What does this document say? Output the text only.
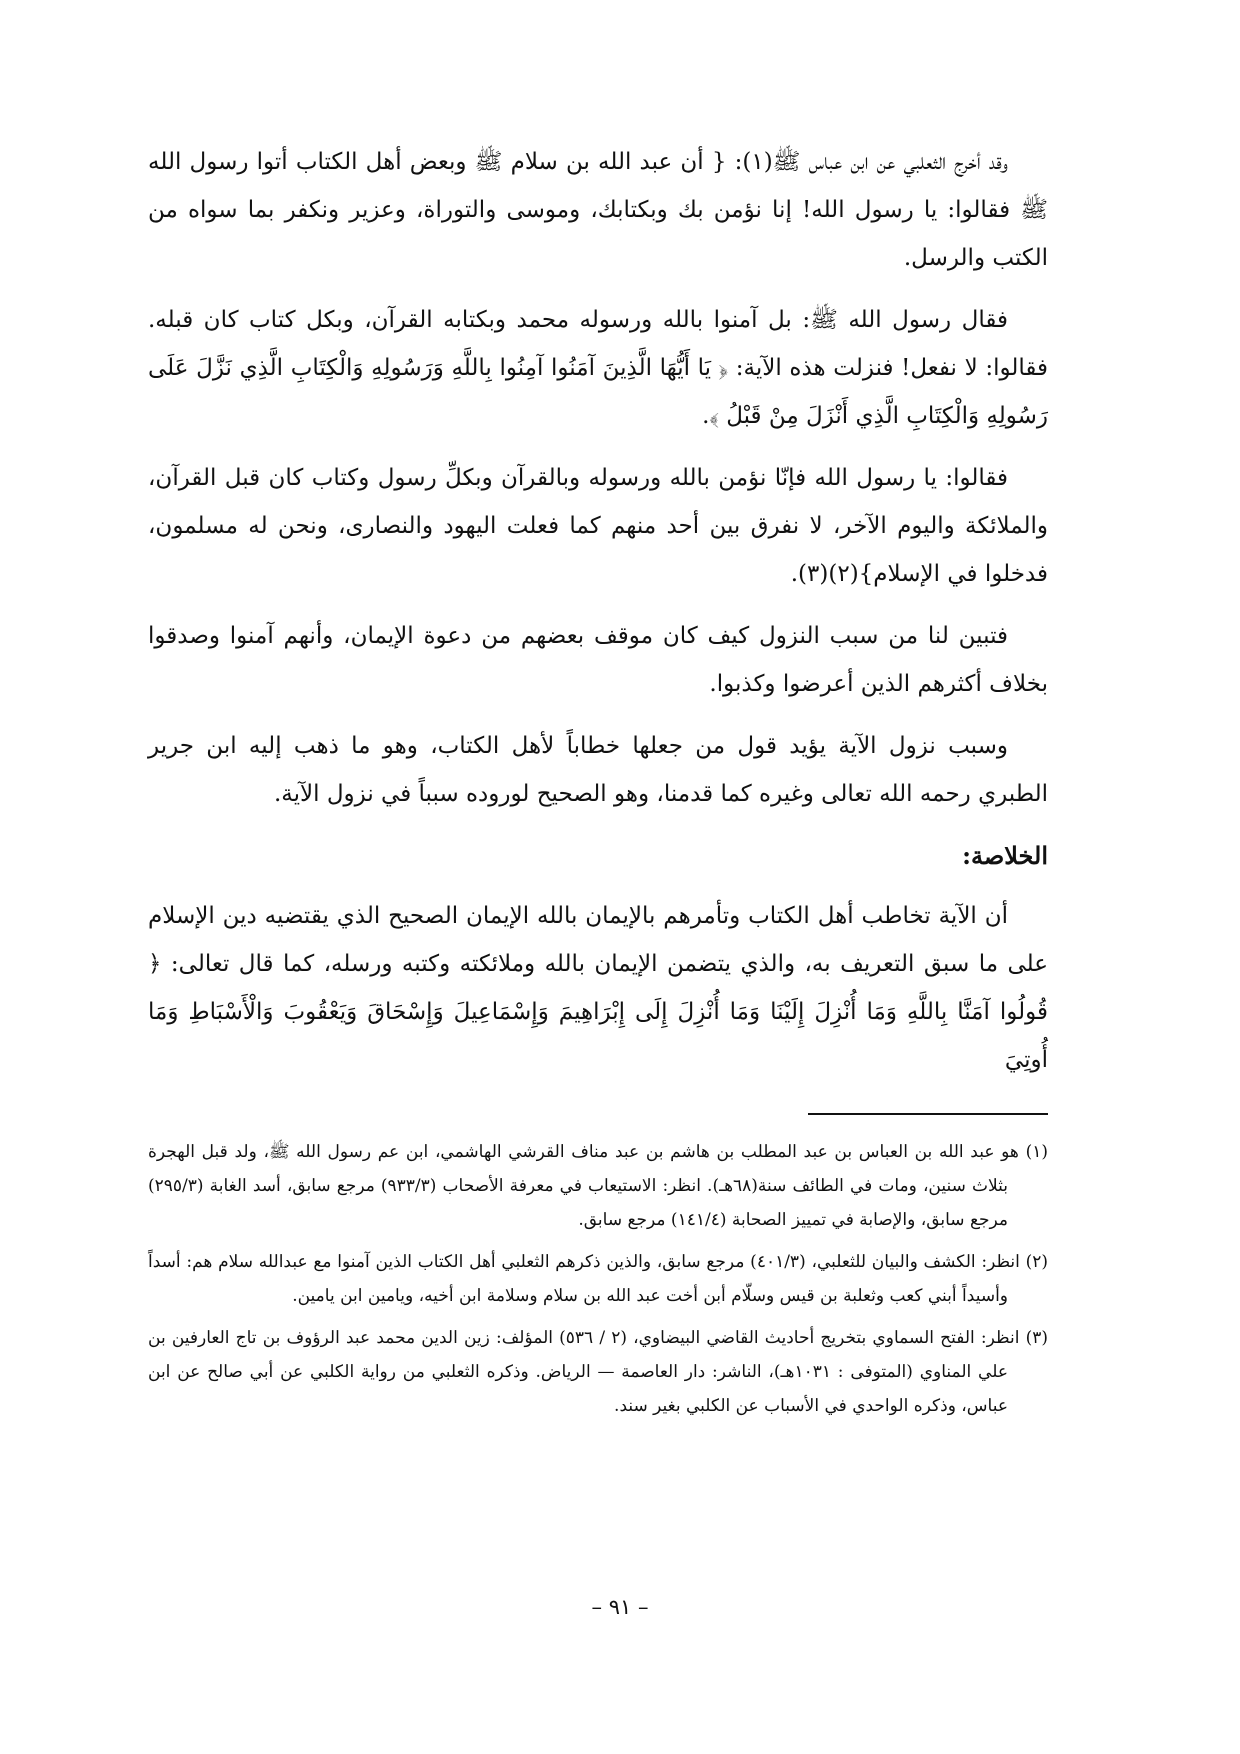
وقد أخرج الثعلبي عن ابن عباس ﷺ(١): { أن عبد الله بن سلام ﷺ وبعض أهل الكتاب أتوا رسول الله ﷺ فقالوا: يا رسول الله! إنا نؤمن بك وبكتابك، وموسى والتوراة، وعزير ونكفر بما سواه من الكتب والرسل.

فقال رسول الله ﷺ: بل آمنوا بالله ورسوله محمد وبكتابه القرآن، وبكل كتاب كان قبله. فقالوا: لا نفعل! فنزلت هذه الآية: ﴿ يَا أَيُّهَا الَّذِينَ آمَنُوا آمِنُوا بِاللَّهِ وَرَسُولِهِ وَالْكِتَابِ الَّذِي نَزَّلَ عَلَى رَسُولِهِ وَالْكِتَابِ الَّذِي أَنْزَلَ مِنْ قَبْلُ ﴾.

فقالوا: يا رسول الله فإنّا نؤمن بالله ورسوله وبالقرآن وبكلِّ رسول وكتاب كان قبل القرآن، والملائكة واليوم الآخر، لا نفرق بين أحد منهم كما فعلت اليهود والنصارى، ونحن له مسلمون، فدخلوا في الإسلام}(٢)(٣).

فتبين لنا من سبب النزول كيف كان موقف بعضهم من دعوة الإيمان، وأنهم آمنوا وصدقوا بخلاف أكثرهم الذين أعرضوا وكذبوا.

وسبب نزول الآية يؤيد قول من جعلها خطاباً لأهل الكتاب، وهو ما ذهب إليه ابن جرير الطبري رحمه الله تعالى وغيره كما قدمنا، وهو الصحيح لوروده سبباً في نزول الآية.

الخلاصة:

أن الآية تخاطب أهل الكتاب وتأمرهم بالإيمان بالله الإيمان الصحيح الذي يقتضيه دين الإسلام على ما سبق التعريف به، والذي يتضمن الإيمان بالله وملائكته وكتبه ورسله، كما قال تعالى: ﴿ قُولُوا آمَنَّا بِاللَّهِ وَمَا أُنْزِلَ إِلَيْنَا وَمَا أُنْزِلَ إِلَى إِبْرَاهِيمَ وَإِسْمَاعِيلَ وَإِسْحَاقَ وَيَعْقُوبَ وَالْأَسْبَاطِ وَمَا أُوتِيَ

(١) هو عبد الله بن العباس بن عبد المطلب بن هاشم بن عبد مناف القرشي الهاشمي، ابن عم رسول الله ﷺ، ولد قبل الهجرة بثلاث سنين، ومات في الطائف سنة(٦٨هـ). انظر: الاستيعاب في معرفة الأصحاب (٩٣٣/٣) مرجع سابق، أسد الغابة (٢٩٥/٣) مرجع سابق، والإصابة في تمييز الصحابة (١٤١/٤) مرجع سابق.

(٢) انظر: الكشف والبيان للثعلبي، (٤٠١/٣) مرجع سابق، والذين ذكرهم الثعلبي أهل الكتاب الذين آمنوا مع عبدالله سلام هم: أسداً وأسيداً أبني كعب وثعلبة بن قيس وسلّام أبن أخت عبد الله بن سلام وسلامة ابن أخيه، ويامين ابن يامين.

(٣) انظر: الفتح السماوي بتخريج أحاديث القاضي البيضاوي، (٢ / ٥٣٦) المؤلف: زين الدين محمد عبد الرؤوف بن تاج العارفين بن علي المناوي (المتوفى : ١٠٣١هـ)، الناشر: دار العاصمة — الرياض. وذكره الثعلبي من رواية الكلبي عن أبي صالح عن ابن عباس، وذكره الواحدي في الأسباب عن الكلبي بغير سند.

– ٩١ –
